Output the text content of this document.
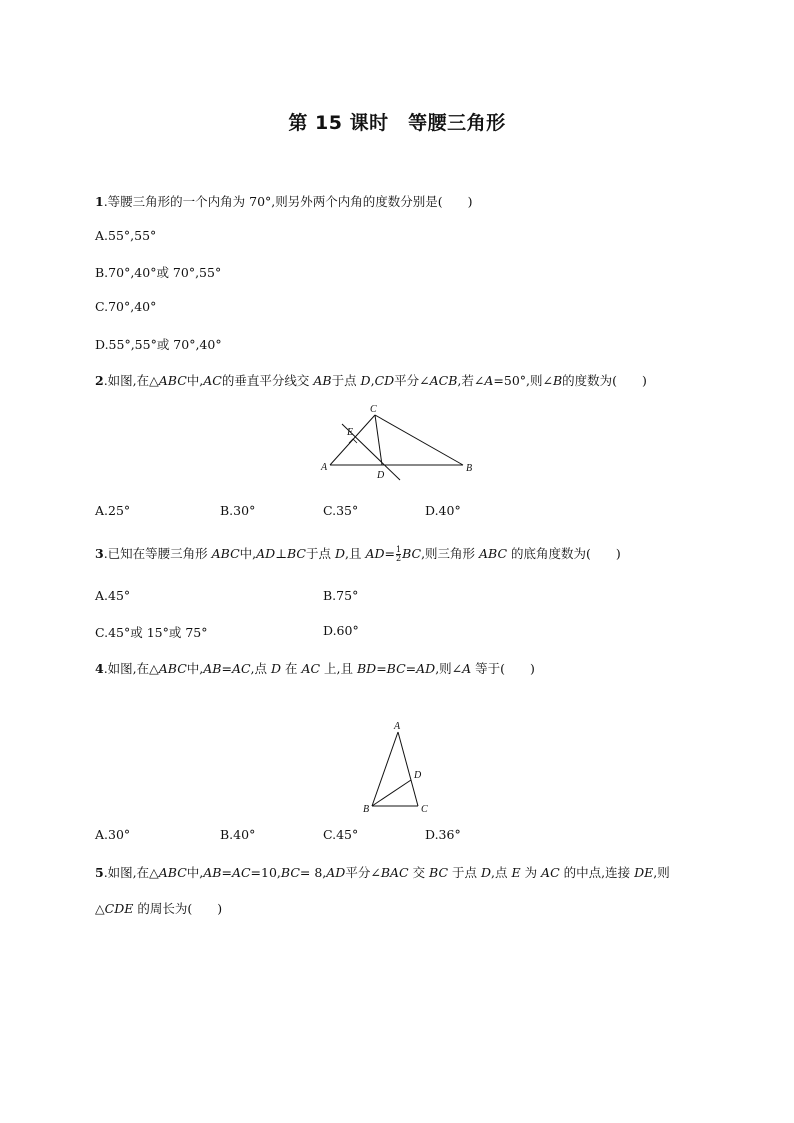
第 15 课时　等腰三角形
1.等腰三角形的一个内角为 70°,则另外两个内角的度数分别是(　　)
A.55°,55°
B.70°,40°或 70°,55°
C.70°,40°
D.55°,55°或 70°,40°
2.如图,在△ABC中,AC的垂直平分线交 AB于点 D,CD平分∠ACB,若∠A=50°,则∠B的度数为(　　)
C
E
A
D
B
A.25°	B.30°	C.35°	D.40°
3.已知在等腰三角形 ABC中,AD⊥BC于点 D,且 $AD= \frac{1}{2}$ BC,则三角形 ABC 的底角度数为(　　)
A.45°	B.75°
C.45°或 15°或 75°	D.60°
4.如图,在△ABC中,AB=AC,点 D 在 AC 上,且 BD=BC=AD,则∠A 等于(　　)
A
D
B	C
A.30°	B.40°	C.45°	D.36°
5.如图,在△ABC中,AB=AC=10,BC= 8,AD平分∠BAC 交 BC 于点 D,点 E 为 AC 的中点,连接 DE,则
△CDE 的周长为(　　)
